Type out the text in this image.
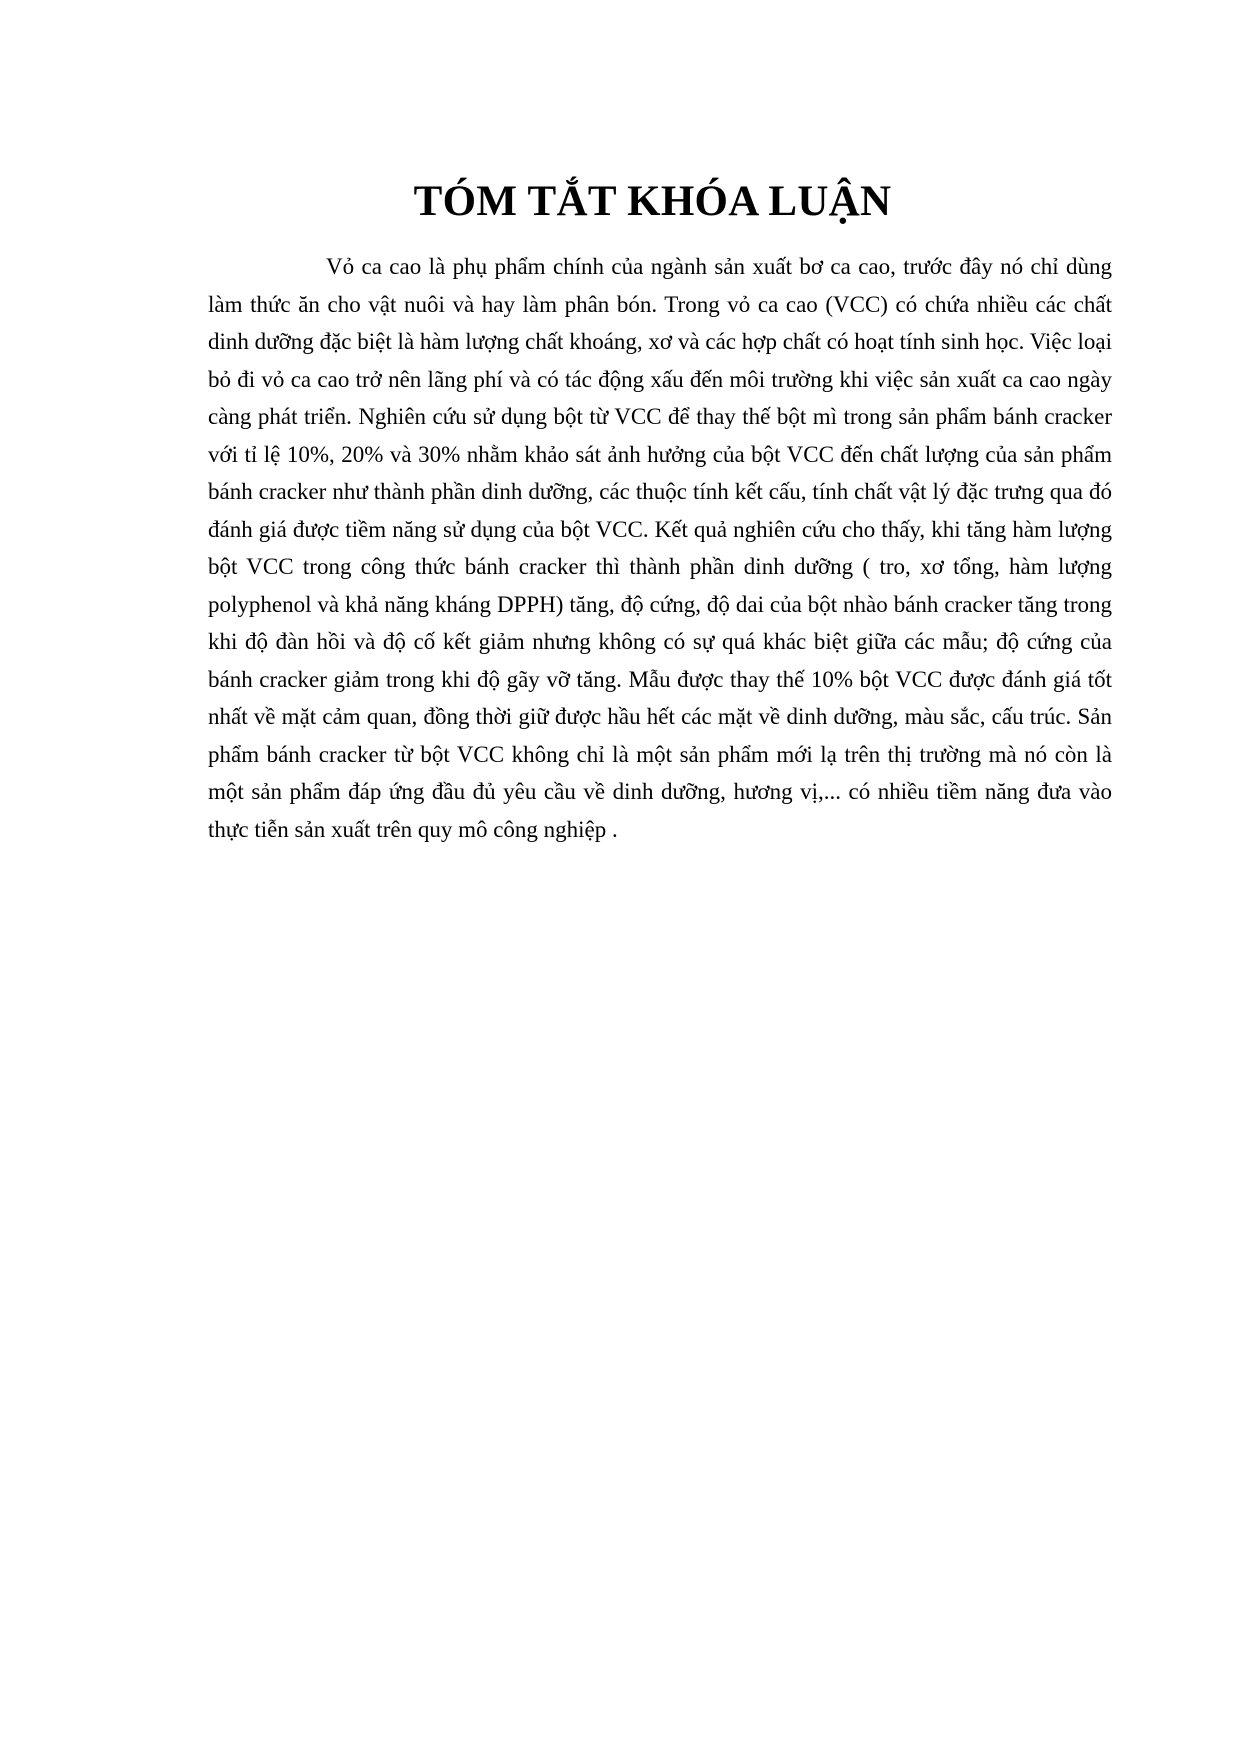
TÓM TẮT KHÓA LUẬN

Vỏ ca cao là phụ phẩm chính của ngành sản xuất bơ ca cao, trước đây nó chỉ dùng làm thức ăn cho vật nuôi và hay làm phân bón. Trong vỏ ca cao (VCC) có chứa nhiều các chất dinh dưỡng đặc biệt là hàm lượng chất khoáng, xơ và các hợp chất có hoạt tính sinh học. Việc loại bỏ đi vỏ ca cao trở nên lãng phí và có tác động xấu đến môi trường khi việc sản xuất ca cao ngày càng phát triển. Nghiên cứu sử dụng bột từ VCC để thay thế bột mì trong sản phẩm bánh cracker với tỉ lệ 10%, 20% và 30% nhằm khảo sát ảnh hưởng của bột VCC đến chất lượng của sản phẩm bánh cracker như thành phần dinh dưỡng, các thuộc tính kết cấu, tính chất vật lý đặc trưng qua đó đánh giá được tiềm năng sử dụng của bột VCC. Kết quả nghiên cứu cho thấy, khi tăng hàm lượng bột VCC trong công thức bánh cracker thì thành phần dinh dưỡng ( tro, xơ tổng, hàm lượng polyphenol và khả năng kháng DPPH) tăng, độ cứng, độ dai của bột nhào bánh cracker tăng trong khi độ đàn hồi và độ cố kết giảm nhưng không có sự quá khác biệt giữa các mẫu; độ cứng của bánh cracker giảm trong khi độ gãy vỡ tăng. Mẫu được thay thế 10% bột VCC được đánh giá tốt nhất về mặt cảm quan, đồng thời giữ được hầu hết các mặt về dinh dưỡng, màu sắc, cấu trúc. Sản phẩm bánh cracker từ bột VCC không chỉ là một sản phẩm mới lạ trên thị trường mà nó còn là một sản phẩm đáp ứng đầu đủ yêu cầu về dinh dưỡng, hương vị,... có nhiều tiềm năng đưa vào thực tiễn sản xuất trên quy mô công nghiệp .
